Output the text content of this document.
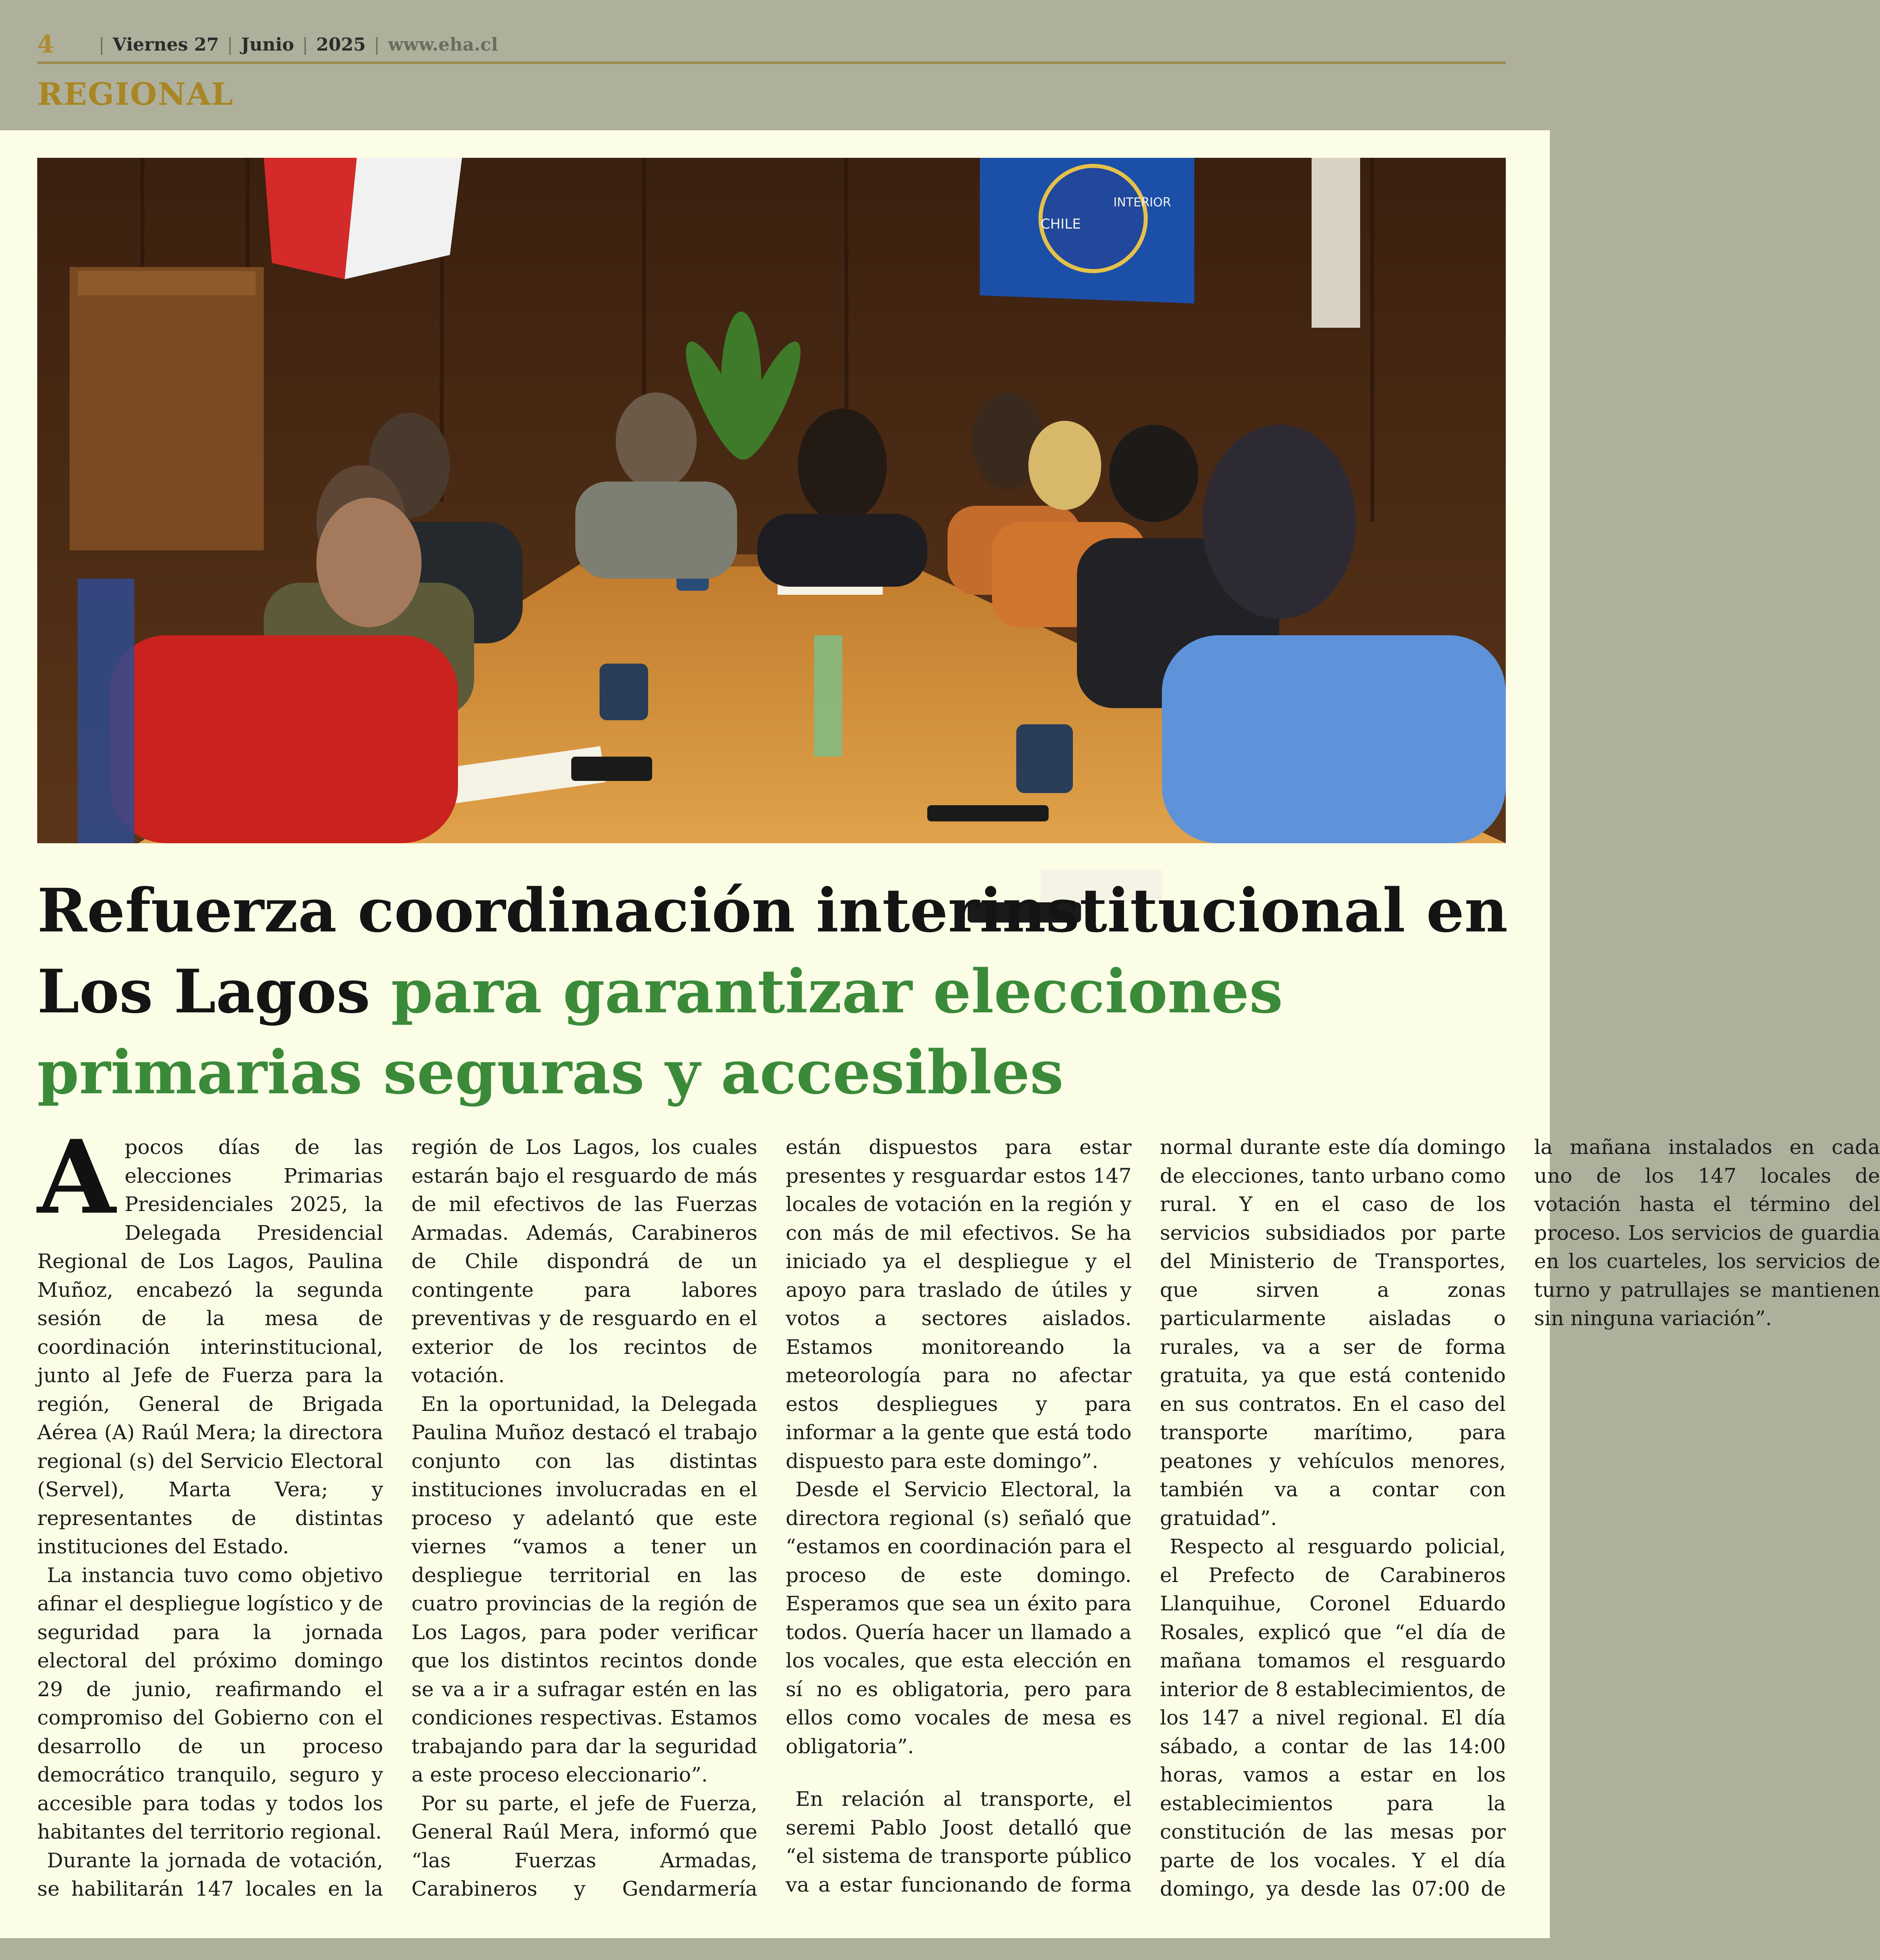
4	| Viernes 27 | Junio | 2025 | www.eha.cl
REGIONAL
CHILE
INTERIOR
Refuerza coordinación interinstitucional en Los Lagos para garantizar elecciones primarias seguras y accesibles

A pocos días de las elecciones Primarias Presidenciales 2025, la Delegada Presidencial Regional de Los Lagos, Paulina Muñoz, encabezó la segunda sesión de la mesa de coordinación interinstitucional, junto al Jefe de Fuerza para la región, General de Brigada Aérea (A) Raúl Mera; la directora regional (s) del Servicio Electoral (Servel), Marta Vera; y representantes de distintas instituciones del Estado.

La instancia tuvo como objetivo afinar el despliegue logístico y de seguridad para la jornada electoral del próximo domingo 29 de junio, reafirmando el compromiso del Gobierno con el desarrollo de un proceso democrático tranquilo, seguro y accesible para todas y todos los habitantes del territorio regional.

Durante la jornada de votación, se habilitarán 147 locales en la región de Los Lagos, los cuales estarán bajo el resguardo de más de mil efectivos de las Fuerzas Armadas. Además, Carabineros de Chile dispondrá de un contingente para labores preventivas y de resguardo en el exterior de los recintos de votación.

En la oportunidad, la Delegada Paulina Muñoz destacó el trabajo conjunto con las distintas instituciones involucradas en el proceso y adelantó que este viernes “vamos a tener un despliegue territorial en las cuatro provincias de la región de Los Lagos, para poder verificar que los distintos recintos donde se va a ir a sufragar estén en las condiciones respectivas. Estamos trabajando para dar la seguridad a este proceso eleccionario”.

Por su parte, el jefe de Fuerza, General Raúl Mera, informó que “las Fuerzas Armadas, Carabineros y Gendarmería están dispuestos para estar presentes y resguardar estos 147 locales de votación en la región y con más de mil efectivos. Se ha iniciado ya el despliegue y el apoyo para traslado de útiles y votos a sectores aislados. Estamos monitoreando la meteorología para no afectar estos despliegues y para informar a la gente que está todo dispuesto para este domingo”.

Desde el Servicio Electoral, la directora regional (s) señaló que “estamos en coordinación para el proceso de este domingo. Esperamos que sea un éxito para todos. Quería hacer un llamado a los vocales, que esta elección en sí no es obligatoria, pero para ellos como vocales de mesa es obligatoria”.

En relación al transporte, el seremi Pablo Joost detalló que “el sistema de transporte público va a estar funcionando de forma normal durante este día domingo de elecciones, tanto urbano como rural. Y en el caso de los servicios subsidiados por parte del Ministerio de Transportes, que sirven a zonas particularmente aisladas o rurales, va a ser de forma gratuita, ya que está contenido en sus contratos. En el caso del transporte marítimo, para peatones y vehículos menores, también va a contar con gratuidad”.

Respecto al resguardo policial, el Prefecto de Carabineros Llanquihue, Coronel Eduardo Rosales, explicó que “el día de mañana tomamos el resguardo interior de 8 establecimientos, de los 147 a nivel regional. El día sábado, a contar de las 14:00 horas, vamos a estar en los establecimientos para la constitución de las mesas por parte de los vocales. Y el día domingo, ya desde las 07:00 de la mañana instalados en cada uno de los 147 locales de votación hasta el término del proceso. Los servicios de guardia en los cuarteles, los servicios de turno y patrullajes se mantienen sin ninguna variación”.
